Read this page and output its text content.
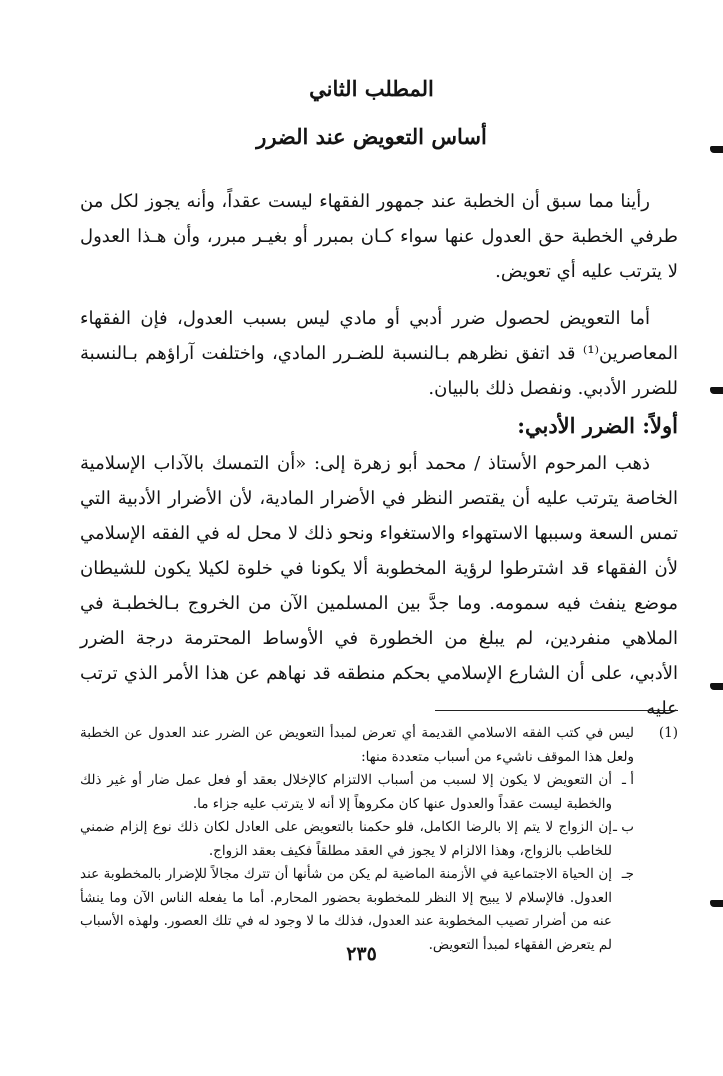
المطلب الثاني
أساس التعويض عند الضرر

رأينا مما سبق أن الخطبة عند جمهور الفقهاء ليست عقداً، وأنه يجوز لكل من طرفي الخطبة حق العدول عنها سواء كـان بمبرر أو بغيـر مبرر، وأن هـذا العدول لا يترتب عليه أي تعويض.

أما التعويض لحصول ضرر أدبي أو مادي ليس بسبب العدول، فإن الفقهاء المعاصرين⁽¹⁾ قد اتفق نظرهم بـالنسبة للضـرر المادي، واختلفت آراؤهم بـالنسبة للضرر الأدبي. ونفصل ذلك بالبيان.

أولاً: الضرر الأدبي:

ذهب المرحوم الأستاذ / محمد أبو زهرة إلى: «أن التمسك بالآداب الإسلامية الخاصة يترتب عليه أن يقتصر النظر في الأضرار المادية، لأن الأضرار الأدبية التي تمس السعة وسببها الاستهواء والاستغواء ونحو ذلك لا محل له في الفقه الإسلامي لأن الفقهاء قد اشترطوا لرؤية المخطوبة ألا يكونا في خلوة لكيلا يكون للشيطان موضع ينفث فيه سمومه. وما جدَّ بين المسلمين الآن من الخروج بـالخطبـة في الملاهي منفردين، لم يبلغ من الخطورة في الأوساط المحترمة درجة الضرر الأدبي، على أن الشارع الإسلامي بحكم منطقه قد نهاهم عن هذا الأمر الذي ترتب عليه

(1)

ليس في كتب الفقه الاسلامي القديمة أي تعرض لمبدأ التعويض عن الضرر عند العدول عن الخطبة ولعل هذا الموقف ناشيء من أسباب متعددة منها:

أ ـ
أن التعويض لا يكون إلا لسبب من أسباب الالتزام كالإخلال بعقد أو فعل عمل ضار أو غير ذلك والخطبة ليست عقداً والعدول عنها كان مكروهاً إلا أنه لا يترتب عليه جزاء ما.
ب ـ
إن الزواج لا يتم إلا بالرضا الكامل، فلو حكمنا بالتعويض على العادل لكان ذلك نوع إلزام ضمني للخاطب بالزواج، وهذا الالزام لا يجوز في العقد مطلقاً فكيف بعقد الزواج.
جـ
إن الحياة الاجتماعية في الأزمنة الماضية لم يكن من شأنها أن تترك مجالاً للإضرار بالمخطوبة عند العدول. فالإسلام لا يبيح إلا النظر للمخطوبة بحضور المحارم. أما ما يفعله الناس الآن وما ينشأ عنه من أضرار تصيب المخطوبة عند العدول، فذلك ما لا وجود له في تلك العصور. ولهذه الأسباب لم يتعرض الفقهاء لمبدأ التعويض.
٢٣٥
